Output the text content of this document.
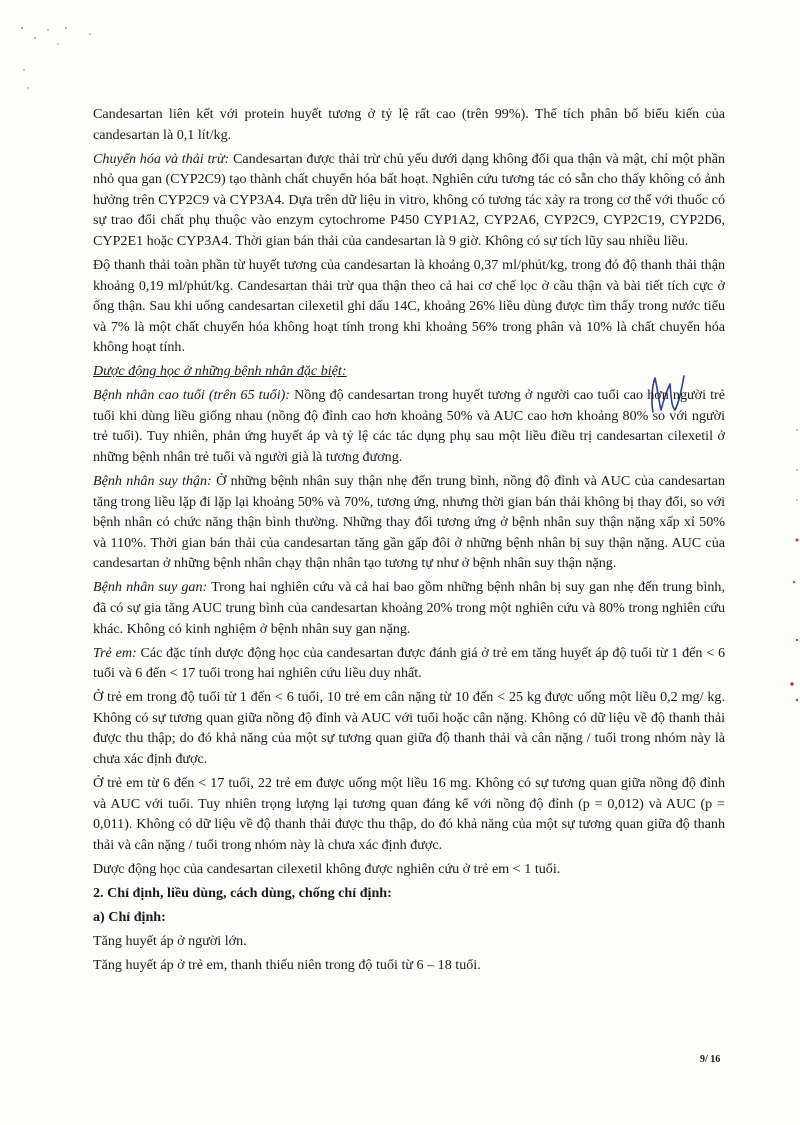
Candesartan liên kết với protein huyết tương ở tỷ lệ rất cao (trên 99%). Thể tích phân bố biểu kiến của candesartan là 0,1 lít/kg.

Chuyển hóa và thải trừ: Candesartan được thải trừ chủ yếu dưới dạng không đổi qua thận và mật, chỉ một phần nhỏ qua gan (CYP2C9) tạo thành chất chuyển hóa bất hoạt. Nghiên cứu tương tác có sẵn cho thấy không có ảnh hưởng trên CYP2C9 và CYP3A4. Dựa trên dữ liệu in vitro, không có tương tác xảy ra trong cơ thể với thuốc có sự trao đổi chất phụ thuộc vào enzym cytochrome P450 CYP1A2, CYP2A6, CYP2C9, CYP2C19, CYP2D6, CYP2E1 hoặc CYP3A4. Thời gian bán thải của candesartan là 9 giờ. Không có sự tích lũy sau nhiều liều.

Độ thanh thải toàn phần từ huyết tương của candesartan là khoảng 0,37 ml/phút/kg, trong đó độ thanh thải thận khoảng 0,19 ml/phút/kg. Candesartan thải trừ qua thận theo cả hai cơ chế lọc ở cầu thận và bài tiết tích cực ở ống thận. Sau khi uống candesartan cilexetil ghi dấu 14C, khoảng 26% liều dùng được tìm thấy trong nước tiểu và 7% là một chất chuyển hóa không hoạt tính trong khi khoảng 56% trong phân và 10% là chất chuyển hóa không hoạt tính.

Dược động học ở những bệnh nhân đặc biệt:

Bệnh nhân cao tuổi (trên 65 tuổi): Nồng độ candesartan trong huyết tương ở người cao tuổi cao hơn người trẻ tuổi khi dùng liều giống nhau (nồng độ đỉnh cao hơn khoảng 50% và AUC cao hơn khoảng 80% so với người trẻ tuổi). Tuy nhiên, phản ứng huyết áp và tỷ lệ các tác dụng phụ sau một liều điều trị candesartan cilexetil ở những bệnh nhân trẻ tuổi và người già là tương đương.

Bệnh nhân suy thận: Ở những bệnh nhân suy thận nhẹ đến trung bình, nồng độ đỉnh và AUC của candesartan tăng trong liều lặp đi lặp lại khoảng 50% và 70%, tương ứng, nhưng thời gian bán thải không bị thay đổi, so với bệnh nhân có chức năng thận bình thường. Những thay đổi tương ứng ở bệnh nhân suy thận nặng xấp xỉ 50% và 110%. Thời gian bán thải của candesartan tăng gần gấp đôi ở những bệnh nhân bị suy thận nặng. AUC của candesartan ở những bệnh nhân chạy thận nhân tạo tương tự như ở bệnh nhân suy thận nặng.

Bệnh nhân suy gan: Trong hai nghiên cứu và cả hai bao gồm những bệnh nhân bị suy gan nhẹ đến trung bình, đã có sự gia tăng AUC trung bình của candesartan khoảng 20% trong một nghiên cứu và 80% trong nghiên cứu khác. Không có kinh nghiệm ở bệnh nhân suy gan nặng.

Trẻ em: Các đặc tính dược động học của candesartan được đánh giá ở trẻ em tăng huyết áp độ tuổi từ 1 đến < 6 tuổi và 6 đến < 17 tuổi trong hai nghiên cứu liều duy nhất.

Ở trẻ em trong độ tuổi từ 1 đến < 6 tuổi, 10 trẻ em cân nặng từ 10 đến < 25 kg được uống một liều 0,2 mg/ kg. Không có sự tương quan giữa nồng độ đỉnh và AUC với tuổi hoặc cân nặng. Không có dữ liệu về độ thanh thải được thu thập; do đó khả năng của một sự tương quan giữa độ thanh thải và cân nặng / tuổi trong nhóm này là chưa xác định được.

Ở trẻ em từ 6 đến < 17 tuổi, 22 trẻ em được uống một liều 16 mg. Không có sự tương quan giữa nồng độ đỉnh và AUC với tuổi. Tuy nhiên trọng lượng lại tương quan đáng kể với nồng độ đỉnh (p = 0,012) và AUC (p = 0,011). Không có dữ liệu về độ thanh thải được thu thập, do đó khả năng của một sự tương quan giữa độ thanh thải và cân nặng / tuổi trong nhóm này là chưa xác định được.

Dược động học của candesartan cilexetil không được nghiên cứu ở trẻ em < 1 tuổi.

2. Chỉ định, liều dùng, cách dùng, chống chỉ định:

a) Chỉ định:

Tăng huyết áp ở người lớn.

Tăng huyết áp ở trẻ em, thanh thiếu niên trong độ tuổi từ 6 – 18 tuổi.

9/ 16
